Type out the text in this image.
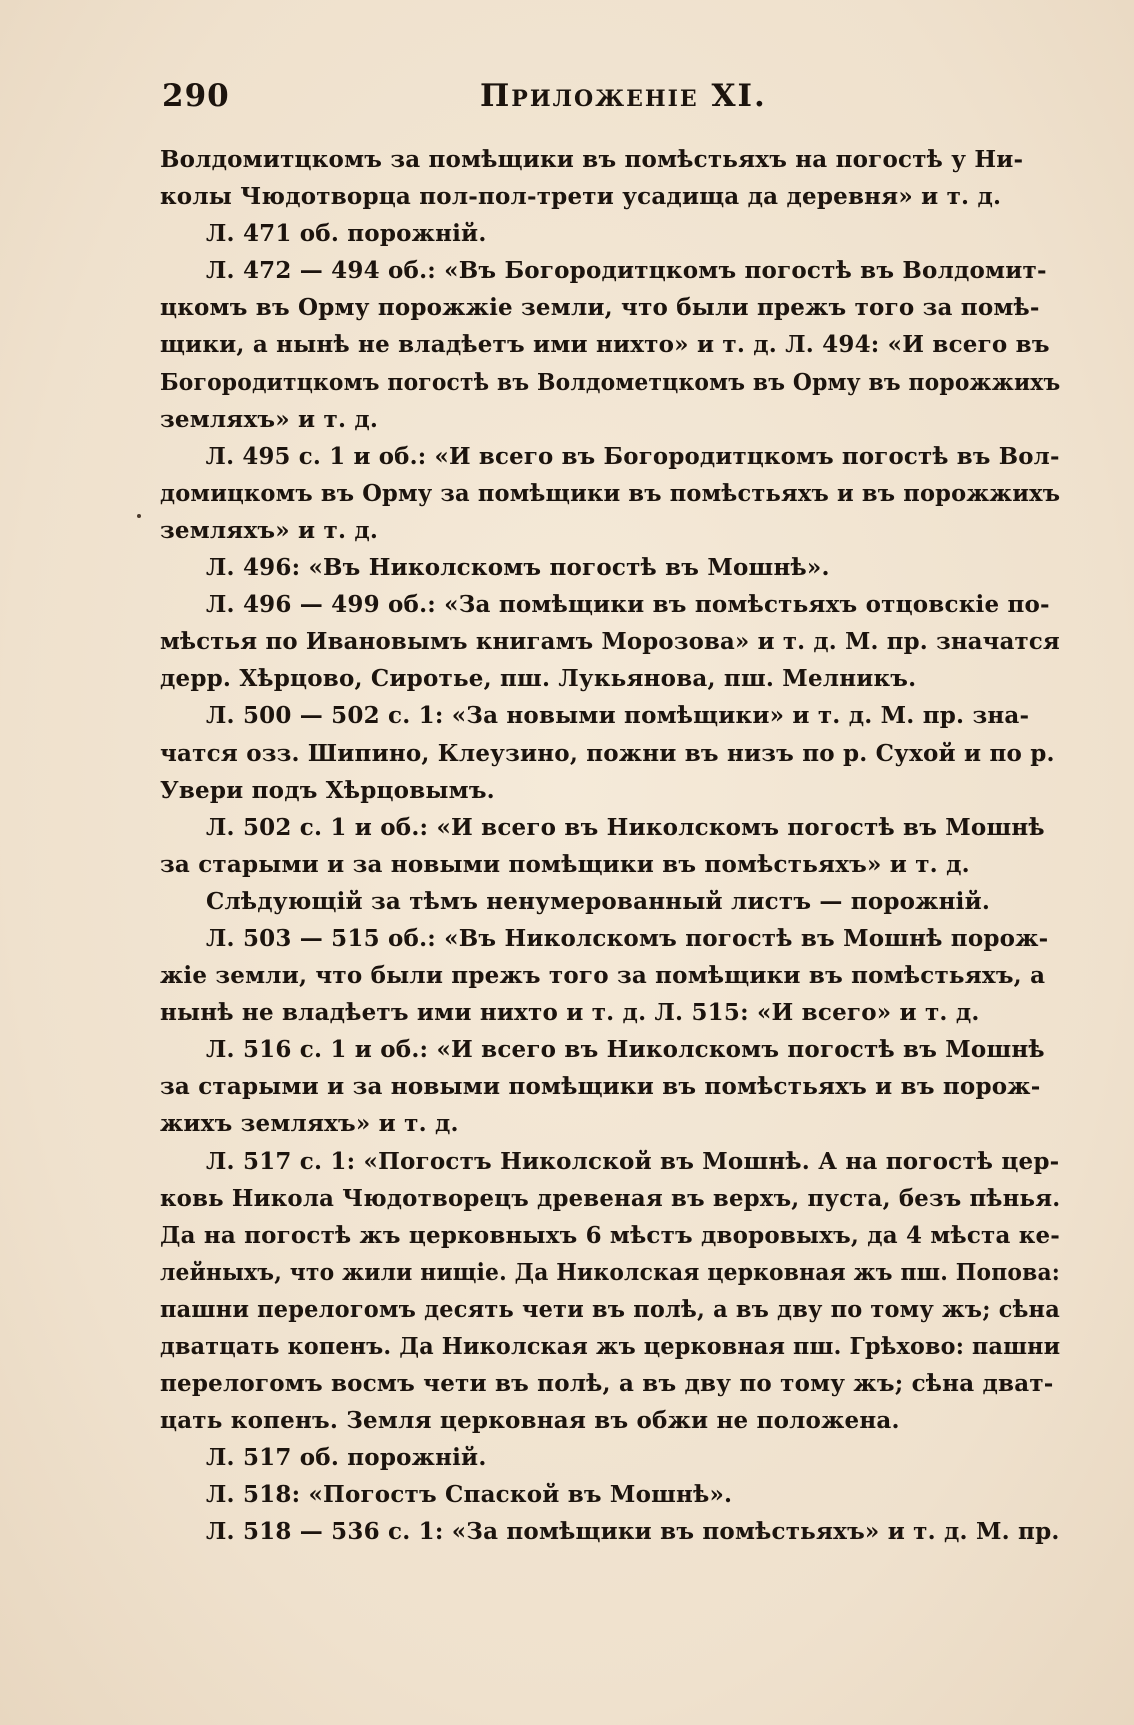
290	Приложеніе XI.
Волдомитцкомъ за помѣщики въ помѣстьяхъ на погостѣ у Ни-
колы Чюдотворца пол-пол-трети усадища да деревня» и т. д.
Л. 471 об. порожній.
Л. 472 — 494 об.: «Въ Богородитцкомъ погостѣ въ Волдомит-
цкомъ въ Орму порожжіе земли, что были прежъ того за помѣ-
щики, а нынѣ не владѣетъ ими нихто» и т. д. Л. 494: «И всего въ
Богородитцкомъ погостѣ въ Волдометцкомъ въ Орму въ порожжихъ
земляхъ» и т. д.
Л. 495 с. 1 и об.: «И всего въ Богородитцкомъ погостѣ въ Вол-
домицкомъ въ Орму за помѣщики въ помѣстьяхъ и въ порожжихъ
земляхъ» и т. д.
Л. 496: «Въ Николскомъ погостѣ въ Мошнѣ».
Л. 496 — 499 об.: «За помѣщики въ помѣстьяхъ отцовскіе по-
мѣстья по Ивановымъ книгамъ Морозова» и т. д. М. пр. значатся
дерр. Хѣрцово, Сиротье, пш. Лукьянова, пш. Мелникъ.
Л. 500 — 502 с. 1: «За новыми помѣщики» и т. д. М. пр. зна-
чатся озз. Шипино, Клеузино, пожни въ низъ по р. Сухой и по р.
Увери подъ Хѣрцовымъ.
Л. 502 с. 1 и об.: «И всего въ Николскомъ погостѣ въ Мошнѣ
за старыми и за новыми помѣщики въ помѣстьяхъ» и т. д.
Слѣдующій за тѣмъ ненумерованный листъ — порожній.
Л. 503 — 515 об.: «Въ Николскомъ погостѣ въ Мошнѣ порож-
жіе земли, что были прежъ того за помѣщики въ помѣстьяхъ, а
нынѣ не владѣетъ ими нихто и т. д. Л. 515: «И всего» и т. д.
Л. 516 с. 1 и об.: «И всего въ Николскомъ погостѣ въ Мошнѣ
за старыми и за новыми помѣщики въ помѣстьяхъ и въ порож-
жихъ земляхъ» и т. д.
Л. 517 с. 1: «Погостъ Николской въ Мошнѣ. А на погостѣ цер-
ковь Никола Чюдотворецъ древеная въ верхъ, пуста, безъ пѣнья.
Да на погостѣ жъ церковныхъ 6 мѣстъ дворовыхъ, да 4 мѣста ке-
лейныхъ, что жили нищіе. Да Николская церковная жъ пш. Попова:
пашни перелогомъ десять чети въ полѣ, а въ дву по тому жъ; сѣна
дватцать копенъ. Да Николская жъ церковная пш. Грѣхово: пашни
перелогомъ восмъ чети въ полѣ, а въ дву по тому жъ; сѣна дват-
цать копенъ. Земля церковная въ обжи не положена.
Л. 517 об. порожній.
Л. 518: «Погостъ Спаской въ Мошнѣ».
Л. 518 — 536 с. 1: «За помѣщики въ помѣстьяхъ» и т. д. М. пр.
